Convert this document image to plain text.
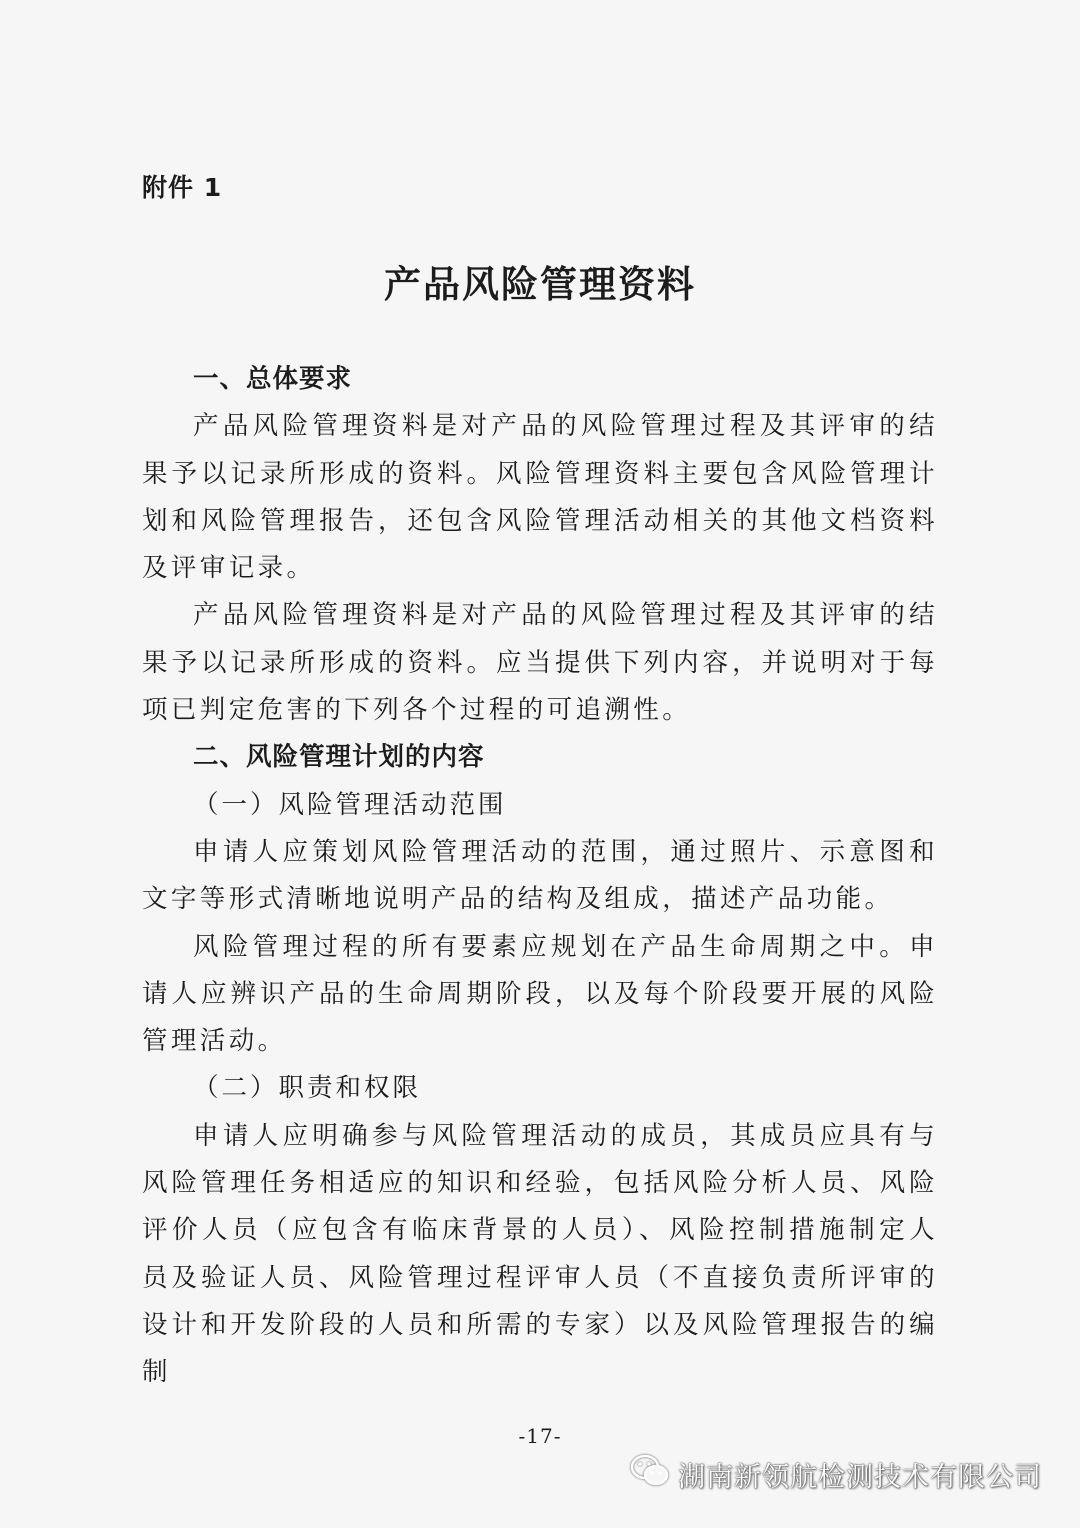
附件 1
产品风险管理资料
一、总体要求

产品风险管理资料是对产品的风险管理过程及其评审的结果予以记录所形成的资料。风险管理资料主要包含风险管理计划和风险管理报告，还包含风险管理活动相关的其他文档资料及评审记录。

产品风险管理资料是对产品的风险管理过程及其评审的结果予以记录所形成的资料。应当提供下列内容，并说明对于每项已判定危害的下列各个过程的可追溯性。

二、风险管理计划的内容
（一）风险管理活动范围

申请人应策划风险管理活动的范围，通过照片、示意图和文字等形式清晰地说明产品的结构及组成，描述产品功能。

风险管理过程的所有要素应规划在产品生命周期之中。申请人应辨识产品的生命周期阶段，以及每个阶段要开展的风险管理活动。

（二）职责和权限

申请人应明确参与风险管理活动的成员，其成员应具有与风险管理任务相适应的知识和经验，包括风险分析人员、风险评价人员（应包含有临床背景的人员）、风险控制措施制定人员及验证人员、风险管理过程评审人员（不直接负责所评审的设计和开发阶段的人员和所需的专家）以及风险管理报告的编制

-17-
湖南新领航检测技术有限公司
